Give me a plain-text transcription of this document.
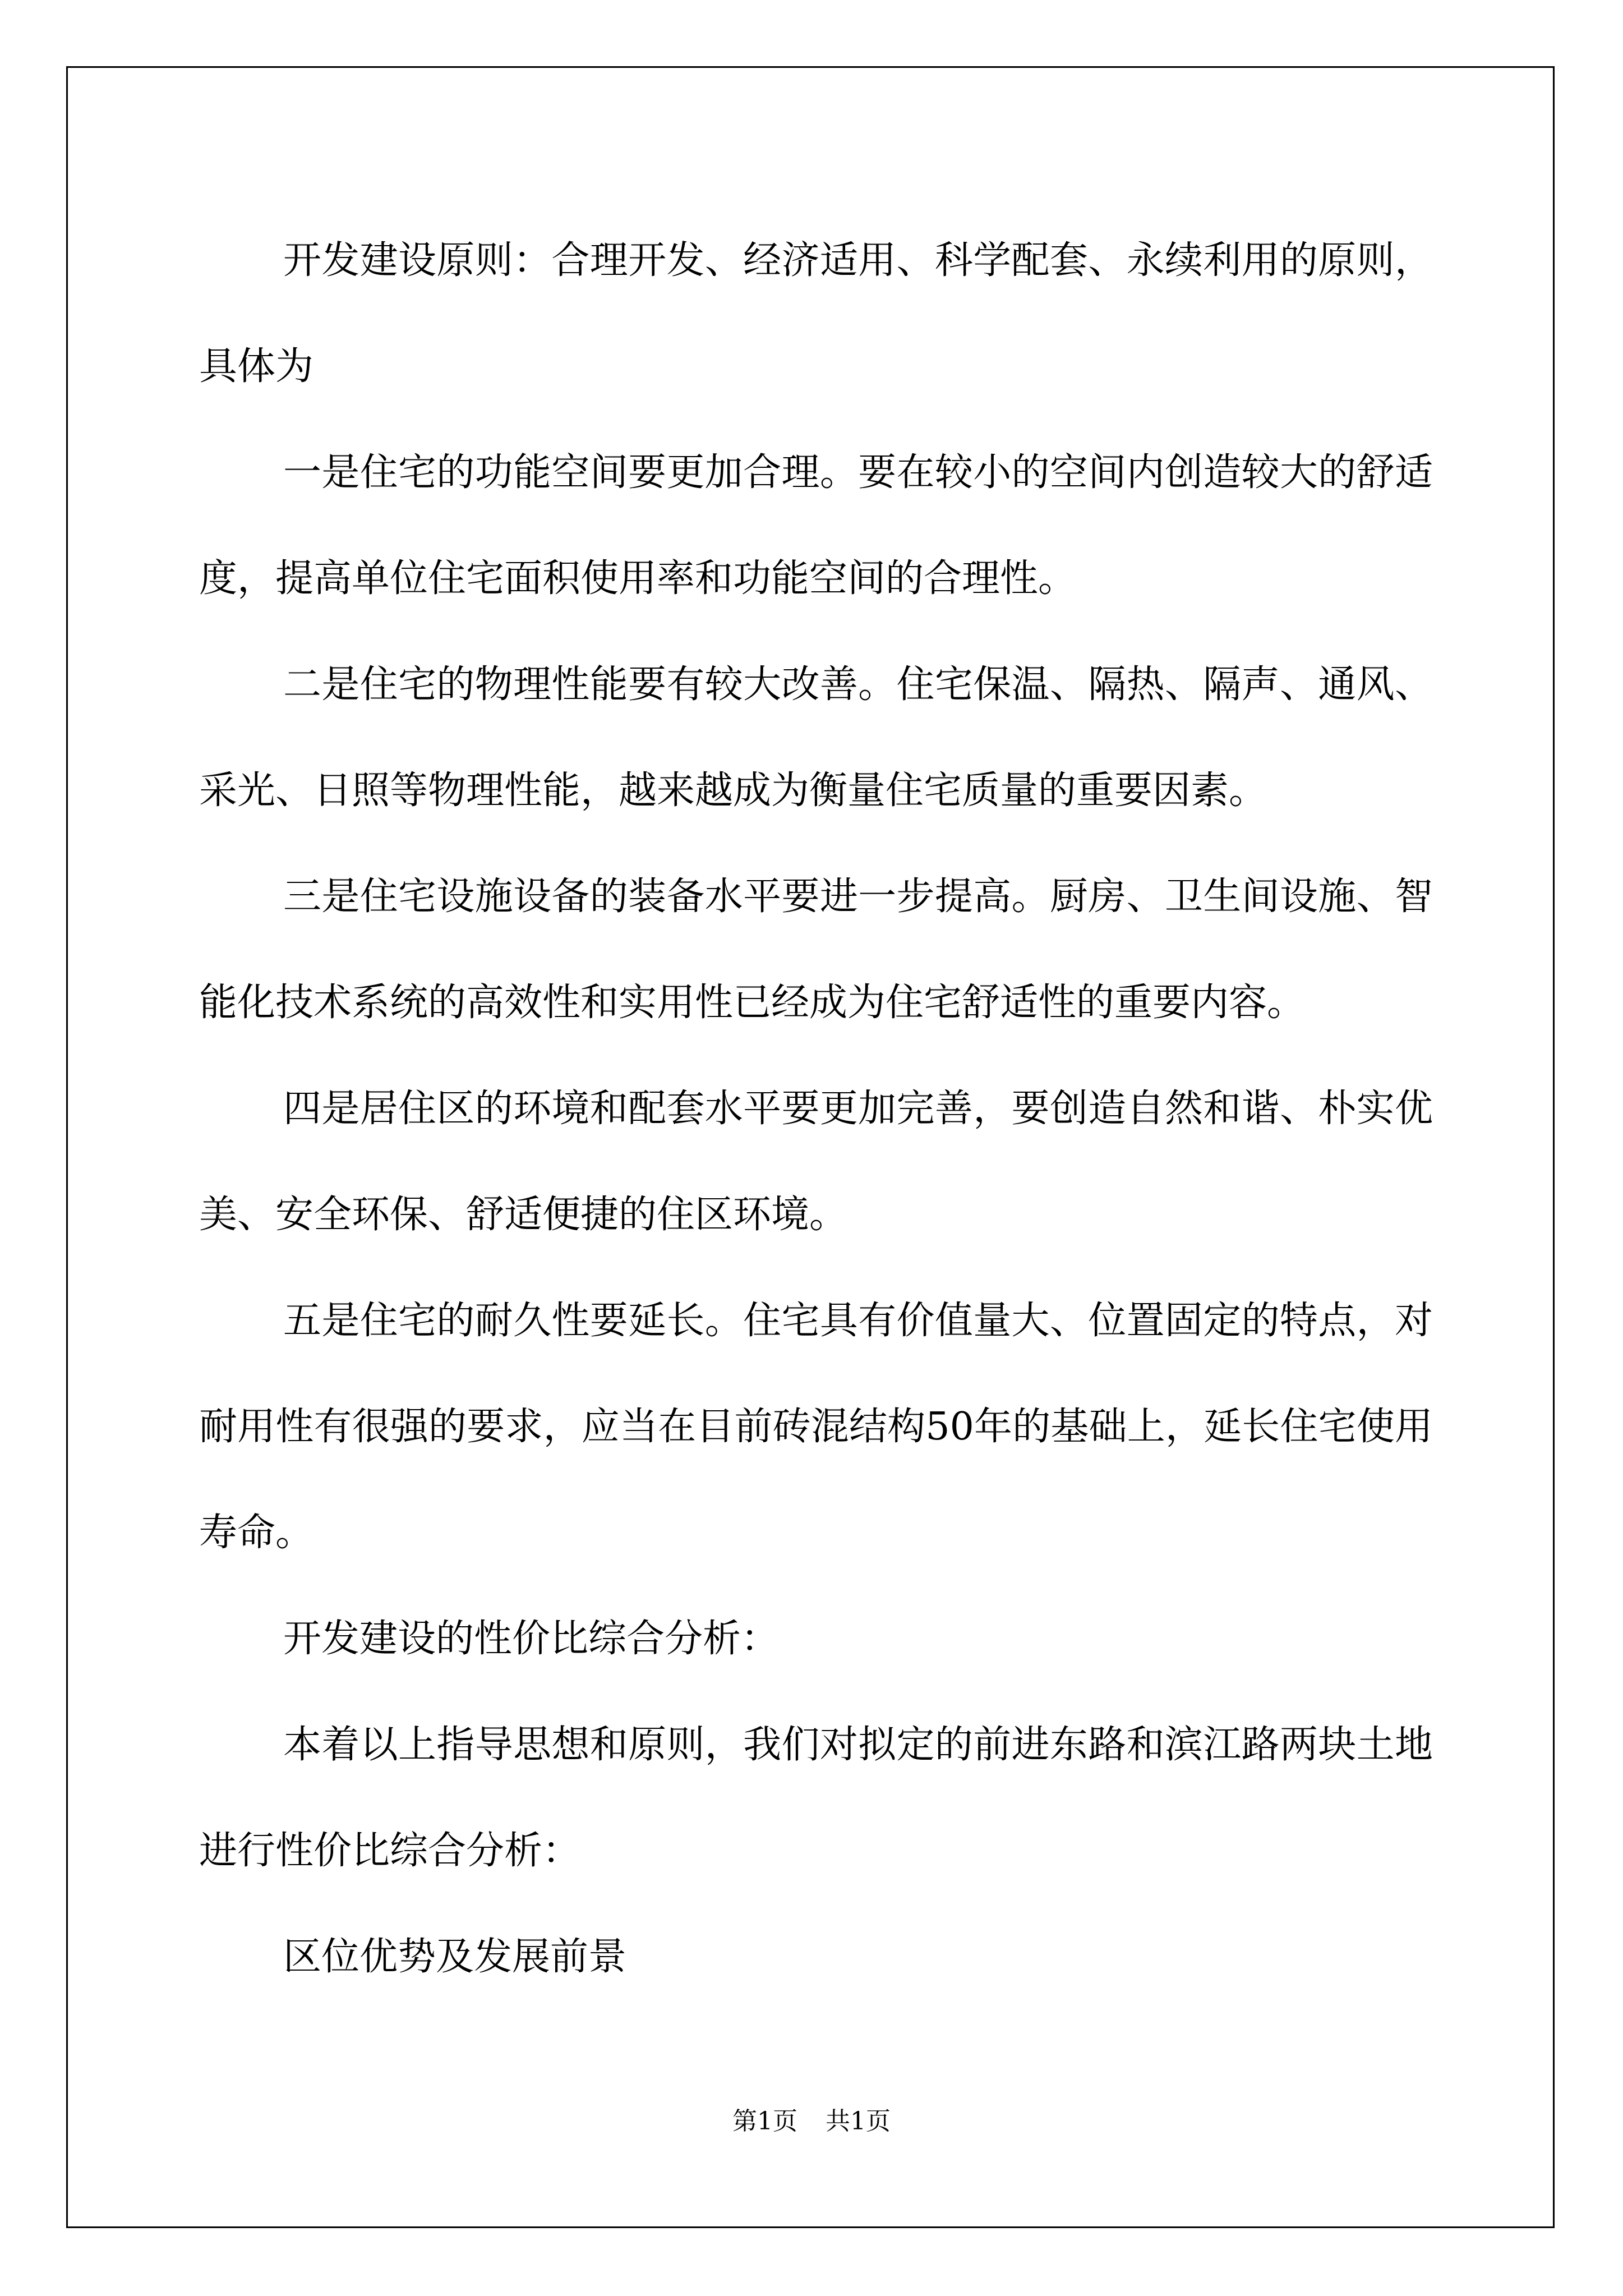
开发建设原则：合理开发、经济适用、科学配套、永续利用的原则，具体为

一是住宅的功能空间要更加合理。要在较小的空间内创造较大的舒适度，提高单位住宅面积使用率和功能空间的合理性。

二是住宅的物理性能要有较大改善。住宅保温、隔热、隔声、通风、采光、日照等物理性能，越来越成为衡量住宅质量的重要因素。

三是住宅设施设备的装备水平要进一步提高。厨房、卫生间设施、智能化技术系统的高效性和实用性已经成为住宅舒适性的重要内容。

四是居住区的环境和配套水平要更加完善，要创造自然和谐、朴实优美、安全环保、舒适便捷的住区环境。

五是住宅的耐久性要延长。住宅具有价值量大、位置固定的特点，对耐用性有很强的要求，应当在目前砖混结构50年的基础上，延长住宅使用寿命。

开发建设的性价比综合分析：

本着以上指导思想和原则，我们对拟定的前进东路和滨江路两块土地进行性价比综合分析：

区位优势及发展前景

第1页 共1页
